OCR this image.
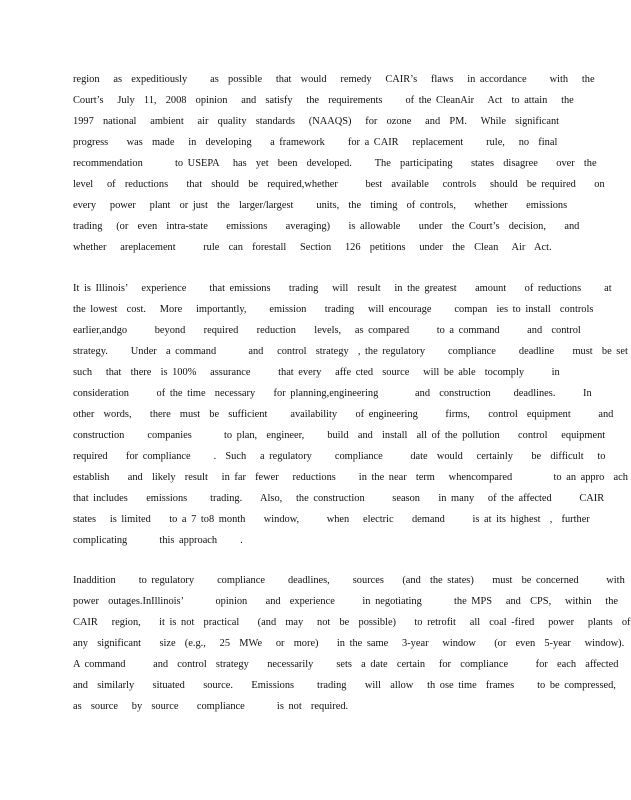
region   as  expeditiously     as  possible   that  would   remedy   CAIR’s   flaws   in accordance     with   the
Court’s   July  11,  2008  opinion   and  satisfy   the  requirements     of the CleanAir   Act  to attain   the
1997  national   ambient   air  quality  standards   (NAAQS)   for  ozone   and  PM.   While  significant
progress    was  made   in  developing    a framework     for a CAIR   replacement     rule,   no  final
recommendation       to USEPA   has  yet  been  developed.     The  participating    states  disagree    over  the
level   of  reductions    that  should  be  required,whether      best  available   controls   should  be required    on
every   power   plant  or just  the  larger/largest     units,  the  timing  of controls,    whether    emissions
trading   (or  even  intra-state    emissions    averaging)    is allowable    under  the Court’s  decision,    and
whether   areplacement      rule  can  forestall   Section   126  petitions   under  the  Clean   Air  Act.
It is Illinois’   experience     that emissions    trading   will  result   in the greatest    amount    of reductions     at
the lowest  cost.   More   importantly,     emission    trading   will encourage     compan  ies to install  controls
earlier,andgo      beyond    required    reduction    levels,   as compared      to a command      and  control
strategy.     Under  a command       and   control  strategy  , the regulatory     compliance     deadline    must  be set
such   that  there  is 100%   assurance      that every   affe cted  source   will be able  tocomply      in
consideration      of the time  necessary    for planning,engineering        and  construction     deadlines.      In
other  words,    there  must  be  sufficient     availability    of engineering      firms,    control  equipment      and
construction     companies       to plan,  engineer,     build  and  install  all of the pollution    control   equipment
required    for compliance     .  Such   a regulatory     compliance      date  would   certainly    be  difficult   to
establish    and  likely  result   in far  fewer   reductions     in the near  term   whencompared         to an appro  ach
that includes    emissions     trading.    Also,   the construction      season    in many   of the affected      CAIR
states   is limited    to a 7 to8 month    window,      when   electric    demand      is at its highest  ,  further
complicating       this approach     .
Inaddition     to regulatory     compliance     deadlines,     sources    (and  the states)    must  be concerned      with
power  outages.InIllinois’       opinion    and  experience      in negotiating       the MPS   and  CPS,   within   the
CAIR   region,    it is not  practical    (and  may   not  be  possible)    to retrofit   all  coal -fired   power   plants  of
any  significant    size  (e.g.,   25  MWe   or  more)    in the same   3-year   window    (or  even  5-year   window).
A command      and  control  strategy    necessarily     sets  a date  certain   for  compliance      for  each  affected
and  similarly    situated    source.    Emissions     trading    will  allow   th ose time  frames     to be compressed,
as  source   by  source    compliance       is not  required.
